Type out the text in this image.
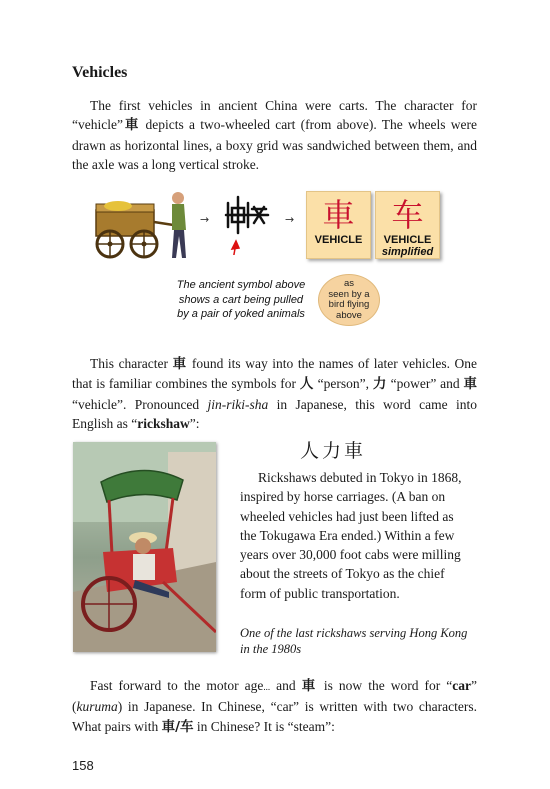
Vehicles

The first vehicles in ancient China were carts. The character for “vehicle”車 depicts a two-wheeled cart (from above). The wheels were drawn as horizontal lines, a boxy grid was sandwiched between them, and the axle was a long vertical stroke.

→	→ 車
VEHICLE
车
VEHICLE
simplified
The ancient symbol above
shows a cart being pulled
by a pair of yoked animals
as
seen by a
bird flying
above

This character 車 found its way into the names of later vehicles. One that is familiar combines the symbols for 人 “person”, 力 “power” and 車 “vehicle”. Pronounced jin-riki-sha in Japanese, this word came into English as “rickshaw”:

人力車

Rickshaws debuted in Tokyo in 1868, inspired by horse carriages. (A ban on wheeled vehicles had just been lifted as the Tokugawa Era ended.) Within a few years over 30,000 foot cabs were milling about the streets of Tokyo as the chief form of public transportation.

One of the last rickshaws serving Hong Kong in the 1980s

Fast forward to the motor age... and 車 is now the word for “car” (kuruma) in Japanese. In Chinese, “car” is written with two characters. What pairs with 車/车 in Chinese? It is “steam”:

158
